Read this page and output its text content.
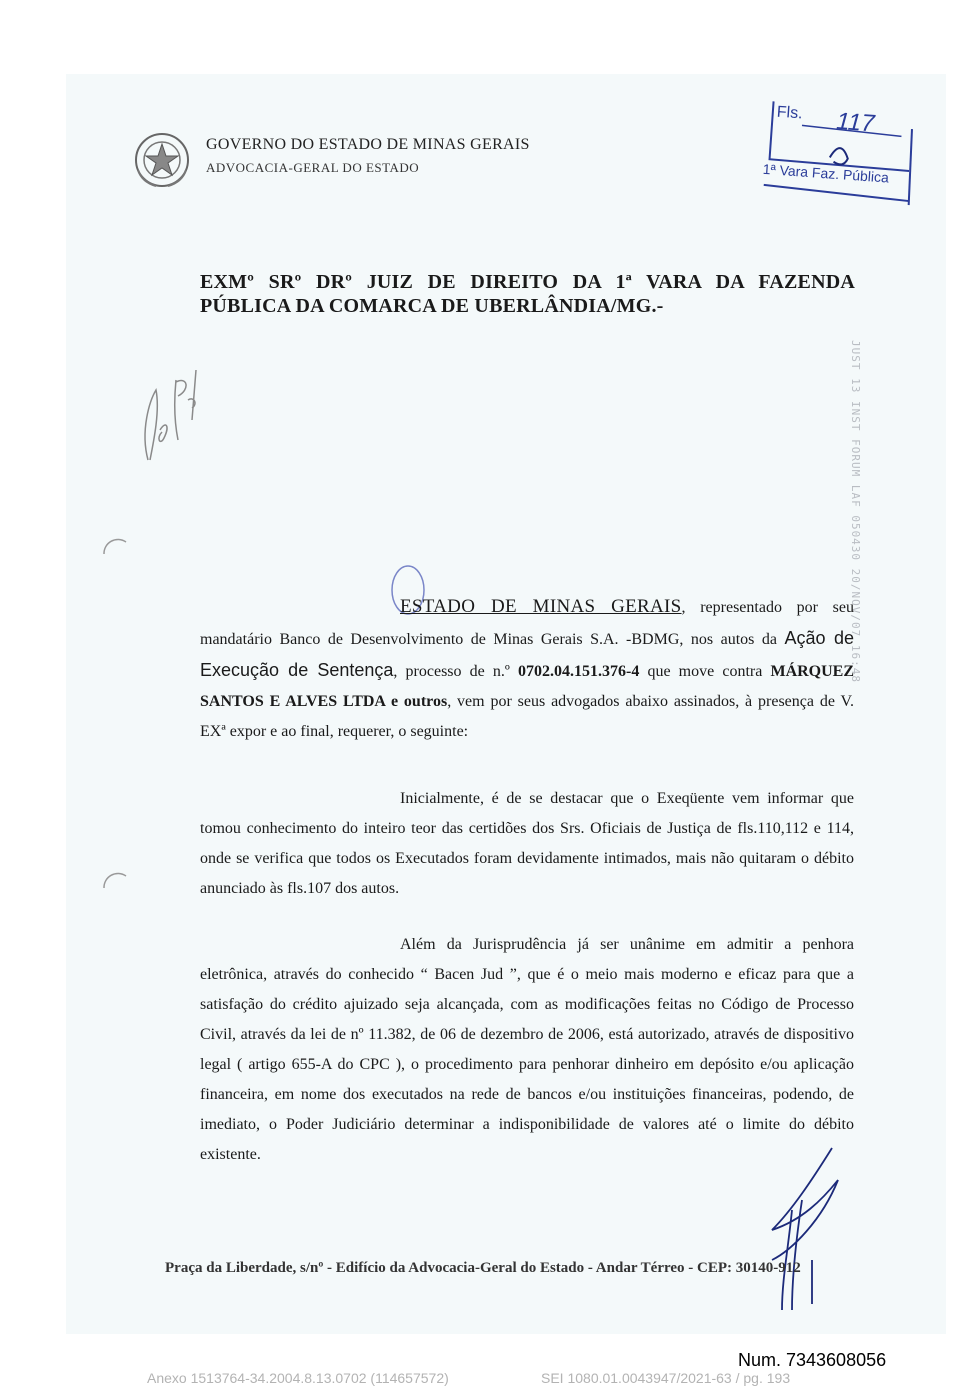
GOVERNO DO ESTADO DE MINAS GERAIS
ADVOCACIA-GERAL DO ESTADO
Fls. 117
1ª Vara Faz. Pública
EXMº SRº DRº JUIZ DE DIREITO DA 1ª VARA DA FAZENDA PÚBLICA DA COMARCA DE UBERLÂNDIA/MG.-
JUST 13 INST FORUM LAF 050430 20/NOV/07 16:48
ESTADO DE MINAS GERAIS, representado por seu mandatário Banco de Desenvolvimento de Minas Gerais S.A. -BDMG, nos autos da Ação de Execução de Sentença, processo de n.º 0702.04.151.376-4 que move contra MÁRQUEZ SANTOS E ALVES LTDA e outros, vem por seus advogados abaixo assinados, à presença de V. EXª expor e ao final, requerer, o seguinte:
Inicialmente, é de se destacar que o Exeqüente vem informar que tomou conhecimento do inteiro teor das certidões dos Srs. Oficiais de Justiça de fls.110,112 e 114, onde se verifica que todos os Executados foram devidamente intimados, mais não quitaram o débito anunciado às fls.107 dos autos.
Além da Jurisprudência já ser unânime em admitir a penhora eletrônica, através do conhecido “ Bacen Jud ”, que é o meio mais moderno e eficaz para que a satisfação do crédito ajuizado seja alcançada, com as modificações feitas no Código de Processo Civil, através da lei de nº 11.382, de 06 de dezembro de 2006, está autorizado, através de dispositivo legal ( artigo 655-A do CPC ), o procedimento para penhorar dinheiro em depósito e/ou aplicação financeira, em nome dos executados na rede de bancos e/ou instituições financeiras, podendo, de imediato, o Poder Judiciário determinar a indisponibilidade de valores até o limite do débito existente.
Praça da Liberdade, s/nº - Edifício da Advocacia-Geral do Estado - Andar Térreo - CEP: 30140-912
Num. 7343608056
Anexo 1513764-34.2004.8.13.0702 (114657572)	SEI 1080.01.0043947/2021-63 / pg. 193
